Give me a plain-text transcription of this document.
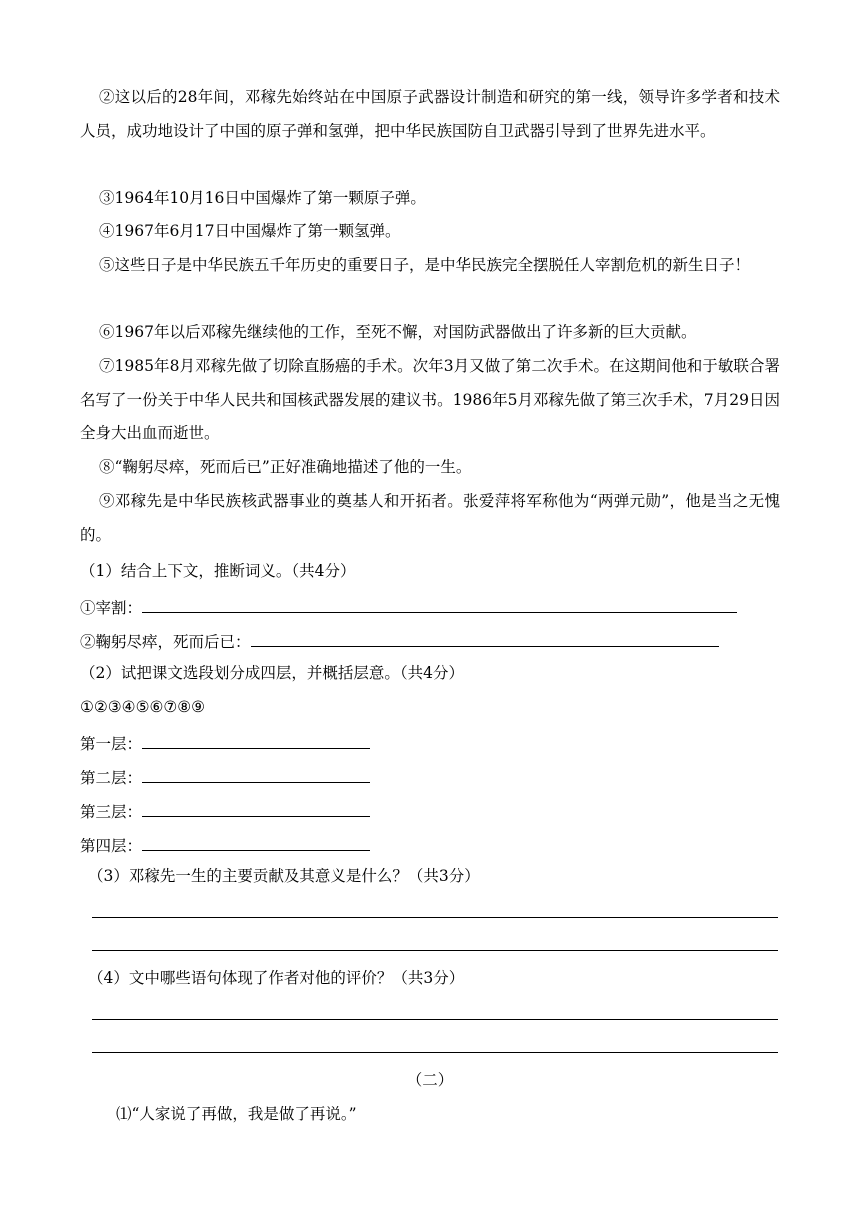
②这以后的28年间，邓稼先始终站在中国原子武器设计制造和研究的第一线，领导许多学者和技术人员，成功地设计了中国的原子弹和氢弹，把中华民族国防自卫武器引导到了世界先进水平。

③1964年10月16日中国爆炸了第一颗原子弹。

④1967年6月17日中国爆炸了第一颗氢弹。

⑤这些日子是中华民族五千年历史的重要日子，是中华民族完全摆脱任人宰割危机的新生日子！

⑥1967年以后邓稼先继续他的工作，至死不懈，对国防武器做出了许多新的巨大贡献。

⑦1985年8月邓稼先做了切除直肠癌的手术。次年3月又做了第二次手术。在这期间他和于敏联合署名写了一份关于中华人民共和国核武器发展的建议书。1986年5月邓稼先做了第三次手术，7月29日因全身大出血而逝世。

⑧“鞠躬尽瘁，死而后已”正好准确地描述了他的一生。

⑨邓稼先是中华民族核武器事业的奠基人和开拓者。张爱萍将军称他为“两弹元勋”，他是当之无愧的。

（1）结合上下文，推断词义。（共4分）
①宰割：
②鞠躬尽瘁，死而后已：
（2）试把课文选段划分成四层，并概括层意。（共4分）
①②③④⑤⑥⑦⑧⑨
第一层：
第二层：
第三层：
第四层：
（3）邓稼先一生的主要贡献及其意义是什么？（共3分）
（4）文中哪些语句体现了作者对他的评价？（共3分）
（二）
⑴“人家说了再做，我是做了再说。”
